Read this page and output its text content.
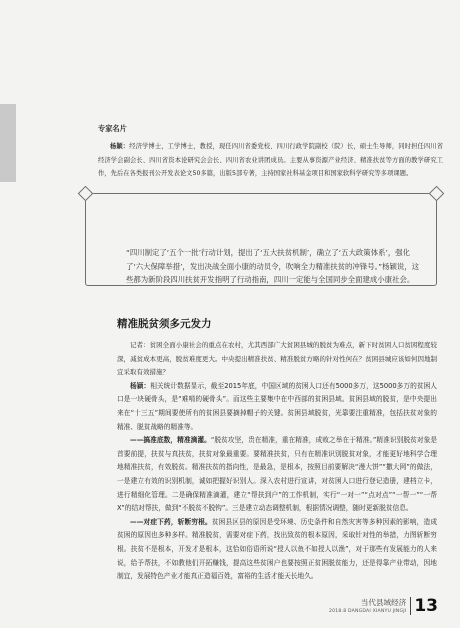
专家名片

杨颖：经济学博士，工学博士，教授，现任四川省委党校、四川行政学院副校（院）长，硕士生导师，同时担任四川省经济学会副会长、四川省资本论研究会会长、四川省农业讲团成员。主要从事资源产业经济、精准扶贫等方面的教学研究工作，先后在各类报刊公开发表论文50多篇，出版5部专著，主持国家社科基金项目和国家软科学研究等多项课题。

“四川制定了‘五个一批’行动计划，提出了‘五大扶贫机制’，确立了‘五大政策体系’，强化了‘六大保障举措’，发出决战全面小康的动员令，吹响全力精准扶贫的冲锋号。”杨颖说，这些都为新阶段四川扶贫开发指明了行动指南，四川一定能与全国同步全面建成小康社会。

精准脱贫须多元发力

记者：贫困全面小康社会的重点在农村，尤其西部广大贫困县城的脱贫为难点，新下时贫困人口贫困程度较深，减贫成本更高，脱贫难度更大。中央提出精准扶贫、精准脱贫方略的针对性何在？贫困县城应该如何因地制宜采取有效措施？

杨颖：相关统计数据显示，截至2015年底，中国区域的贫困人口还有5000多万，这5000多万的贫困人口是一块硬骨头，是“难啃的硬骨头”。而这些主要集中在中西部的贫困县域。贫困县域的脱贫，是中央提出来在“十三五”期间要使所有的贫困县要摘掉帽子的关键。贫困县域脱贫，光靠要注重精准，包括扶贫对象的精准、脱贫战略的精准等。

——搞准底数，精准滴灌。“脱贫攻坚，贵在精准，重在精准，成败之举在于精准。”精准识别脱贫对象是首要前提，扶贫与真扶贫，扶贫对象最重要。要精准扶贫，只有在精准识别脱贫对象，才能更好地科学合理地精准扶贫，有效脱贫。精准扶贫的指向性，是最急，是根本，按照目前要解决“漫大饼”“撒大网”的做法，一是建立有效的识别机制，诚如把握好识别人。深入农村进行宣讲，对贫困人口进行登记造册，建档立卡，进行精细化管理。二是确保精准滴灌，建立“帮扶到户”的工作机制，实行“一对一”“点对点”“一帮一”“一帮X”的结对帮扶，做到“不脱贫不脱钩”。三是建立动态调整机制，根据情况调整，随时更新脱贫信息。

——对症下药，斩断穷根。贫困县区县的原因是受环境、历史条件和自然灾害等多种因素的影响，造成贫困的原因也多种多样。精准脱贫，需要对症下药，找出致贫的根本原因，采取针对性的举措，力图斩断穷根。扶贫不是根本，开发才是根本，这恰如俗语所说“授人以鱼不如授人以渔”，对于那些有发展能力的人来说，给予帮扶，不如教他们开拓赚钱，提高这些贫困户也要按照正贫困脱贫能力，还是得靠产业带动，因地制宜，发展特色产业才能真正造福百姓，富裕的生活才能天长地久。

当代县域经济
2018.8 DANGDAI XIANYU JINGJI 13
